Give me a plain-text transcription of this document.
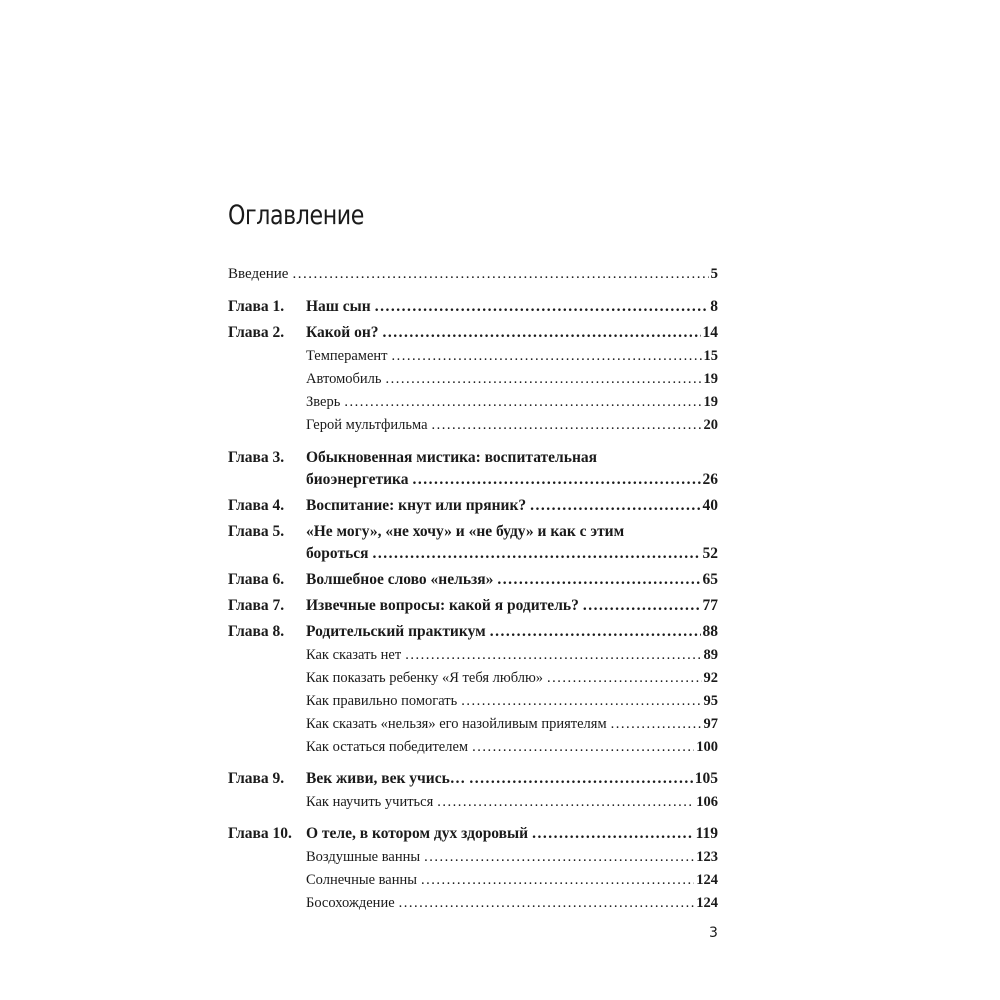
Оглавление
Введение .....	5
Глава 1.	Наш сын .....	8
Глава 2.	Какой он? .....	14
Темперамент .....	15
Автомобиль .....	19
Зверь .....	19
Герой мультфильма .....	20
Глава 3.	Обыкновенная мистика: воспитательная
биоэнергетика .....	26
Глава 4.	Воспитание: кнут или пряник? .....	40
Глава 5.	«Не могу», «не хочу» и «не буду» и как с этим
бороться .....	52
Глава 6.	Волшебное слово «нельзя» .....	65
Глава 7.	Извечные вопросы: какой я родитель? .....	77
Глава 8.	Родительский практикум .....	88
Как сказать нет .....	89
Как показать ребенку «Я тебя люблю» .....	92
Как правильно помогать .....	95
Как сказать «нельзя» его назойливым приятелям .....	97
Как остаться победителем .....	100
Глава 9.	Век живи, век учись… .....	105
Как научить учиться .....	106
Глава 10. О теле, в котором дух здоровый .....	119
Воздушные ванны .....	123
Солнечные ванны .....	124
Босохождение .....	124
3
